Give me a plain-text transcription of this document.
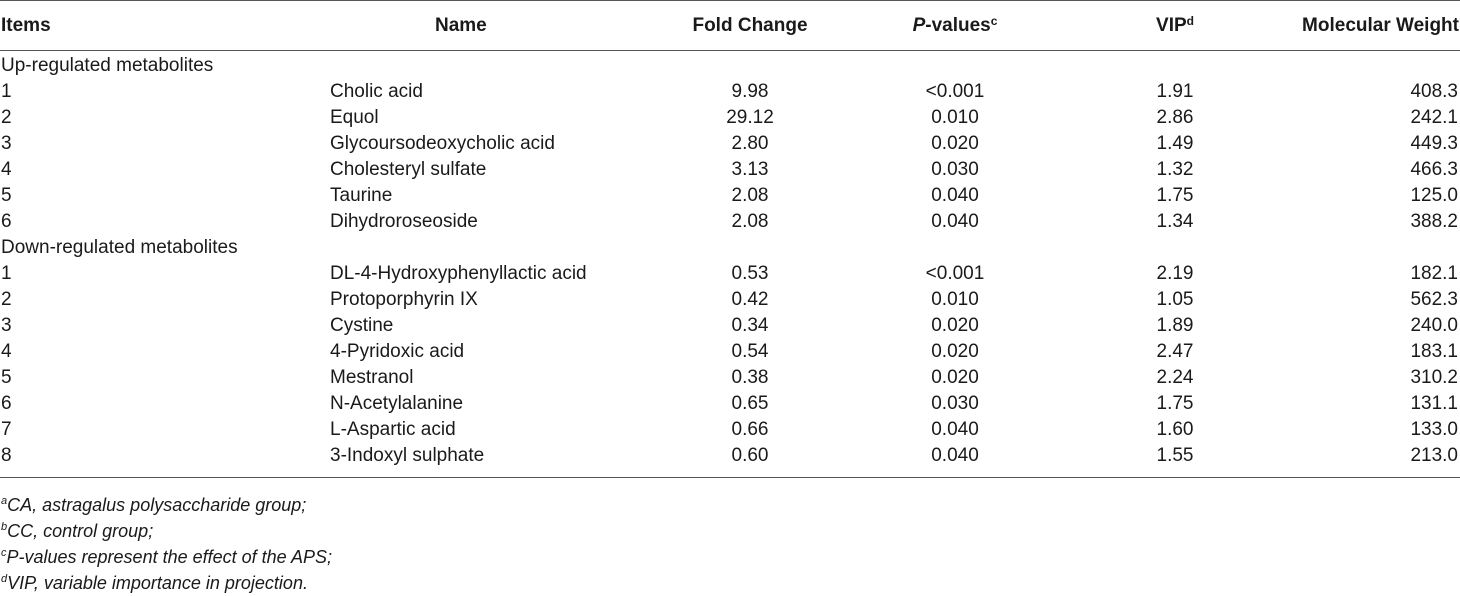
Items	Name	Fold Change	P-values$^c$	VIP$^d$	Molecular Weight
Up-regulated metabolites					
1	Cholic acid	9.98	<0.001	1.91	408.3
2	Equol	29.12	0.010	2.86	242.1
3	Glycoursodeoxycholic acid	2.80	0.020	1.49	449.3
4	Cholesteryl sulfate	3.13	0.030	1.32	466.3
5	Taurine	2.08	0.040	1.75	125.0
6	Dihydroroseoside	2.08	0.040	1.34	388.2
Down-regulated metabolites					
1	DL-4-Hydroxyphenyllactic acid	0.53	<0.001	2.19	182.1
2	Protoporphyrin IX	0.42	0.010	1.05	562.3
3	Cystine	0.34	0.020	1.89	240.0
4	4-Pyridoxic acid	0.54	0.020	2.47	183.1
5	Mestranol	0.38	0.020	2.24	310.2
6	N-Acetylalanine	0.65	0.030	1.75	131.1
7	L-Aspartic acid	0.66	0.040	1.60	133.0
8	3-Indoxyl sulphate	0.60	0.040	1.55	213.0
$^a$CA, astragalus polysaccharide group;
$^b$CC, control group;
$^c$P-values represent the effect of the APS;
$^d$VIP, variable importance in projection.
